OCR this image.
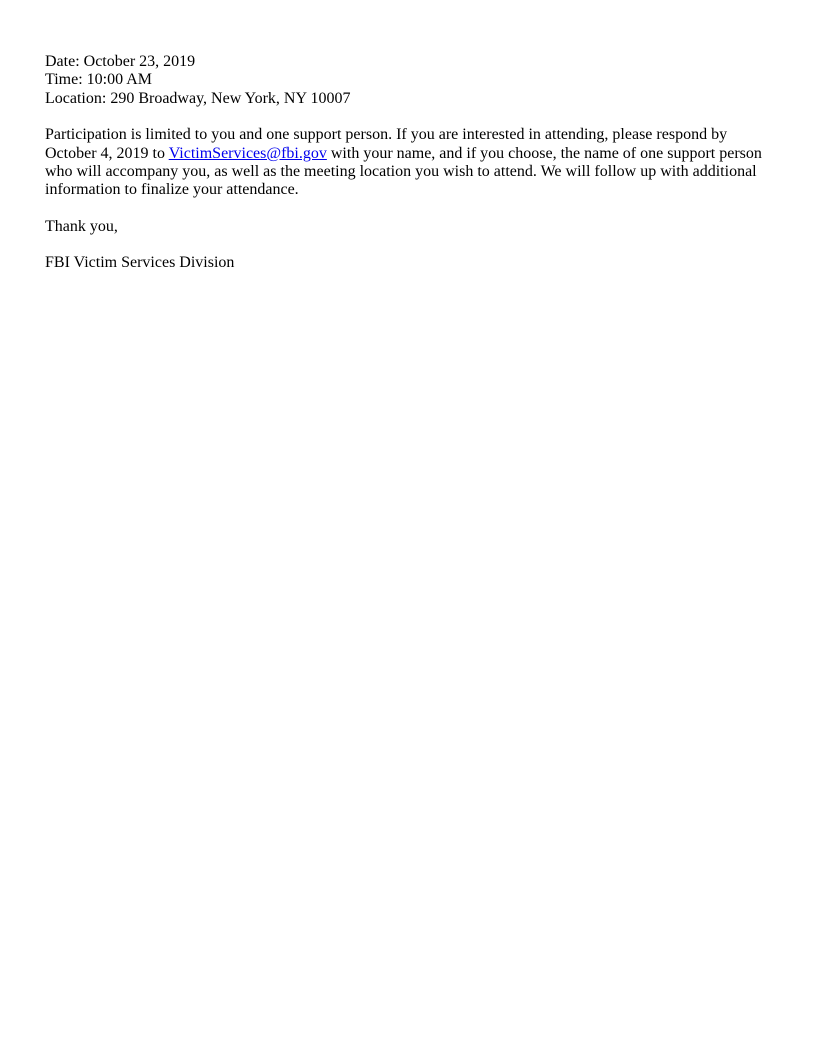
Date: October 23, 2019
Time: 10:00 AM
Location: 290 Broadway, New York, NY 10007

Participation is limited to you and one support person. If you are interested in attending, please respond by October 4, 2019 to VictimServices@fbi.gov with your name, and if you choose, the name of one support person who will accompany you, as well as the meeting location you wish to attend. We will follow up with additional information to finalize your attendance.

Thank you,

FBI Victim Services Division
